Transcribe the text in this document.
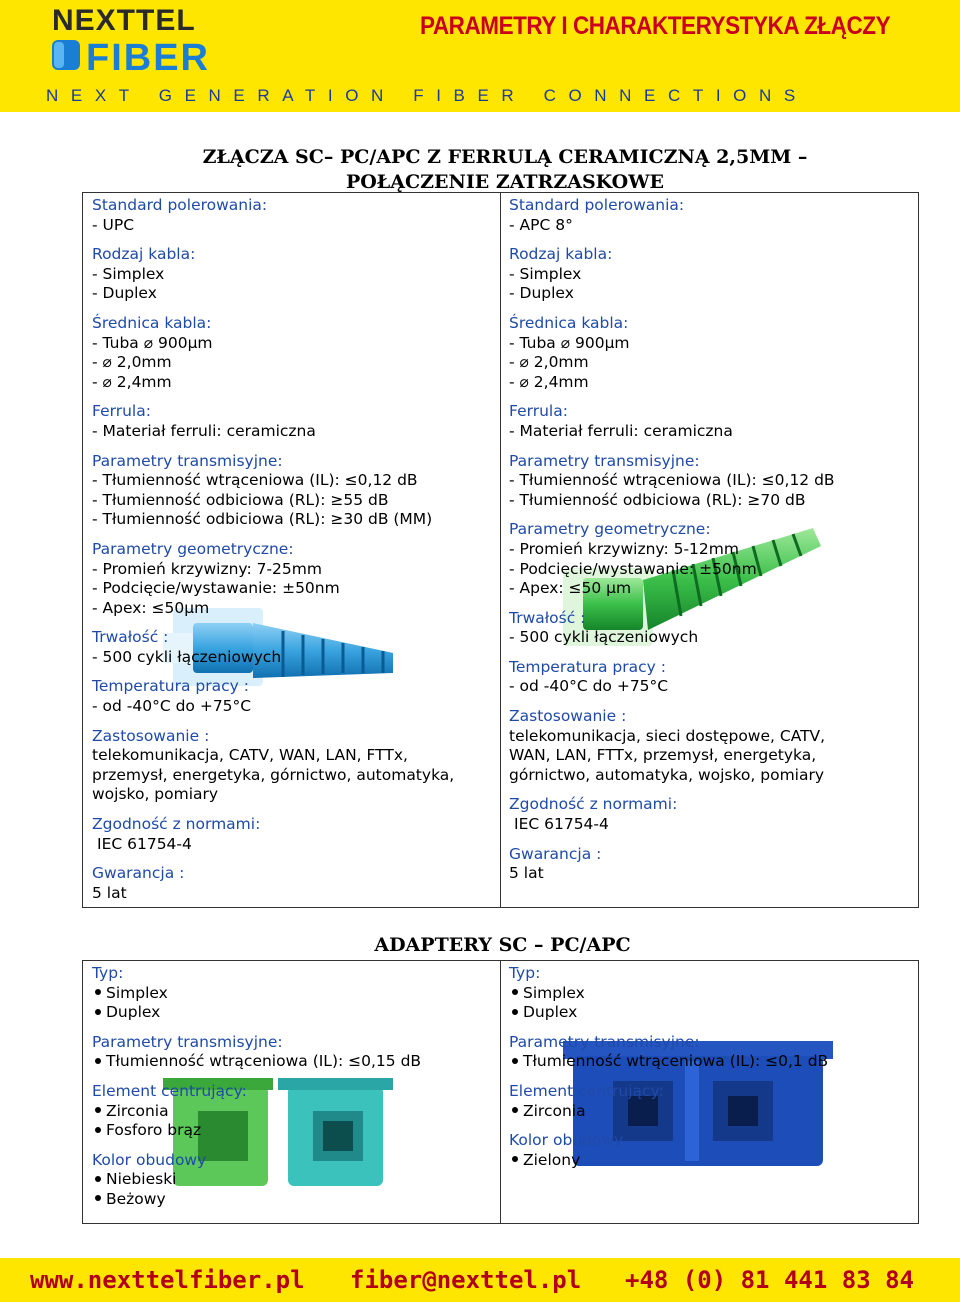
NEXTTEL
FIBER
PARAMETRY I CHARAKTERYSTYKA ZŁĄCZY
NEXT GENERATION FIBER CONNECTIONS
ZŁĄCZA SC– PC/APC Z FERRULĄ CERAMICZNĄ 2,5MM –
POŁĄCZENIE ZATRZASKOWE
Standard polerowania:
- UPC
Rodzaj kabla:
- Simplex
- Duplex
Średnica kabla:
- Tuba ⌀ 900µm
- ⌀ 2,0mm
- ⌀ 2,4mm
Ferrula:
- Materiał ferruli: ceramiczna
Parametry transmisyjne:
- Tłumienność wtrąceniowa (IL): ≤0,12 dB
- Tłumienność odbiciowa (RL): ≥55 dB
- Tłumienność odbiciowa (RL): ≥30 dB (MM)
Parametry geometryczne:
- Promień krzywizny: 7-25mm
- Podcięcie/wystawanie: ±50nm
- Apex: ≤50µm
Trwałość :
- 500 cykli łączeniowych
Temperatura pracy :
- od -40°C do +75°C
Zastosowanie :
telekomunikacja, CATV, WAN, LAN, FTTx,
przemysł, energetyka, górnictwo, automatyka,
wojsko, pomiary
Zgodność z normami:
IEC 61754-4
Gwarancja :
5 lat
Standard polerowania:
- APC 8°
Rodzaj kabla:
- Simplex
- Duplex
Średnica kabla:
- Tuba ⌀ 900µm
- ⌀ 2,0mm
- ⌀ 2,4mm
Ferrula:
- Materiał ferruli: ceramiczna
Parametry transmisyjne:
- Tłumienność wtrąceniowa (IL): ≤0,12 dB
- Tłumienność odbiciowa (RL): ≥70 dB
Parametry geometryczne:
- Promień krzywizny: 5-12mm
- Podcięcie/wystawanie: ±50nm
- Apex: ≤50 µm
Trwałość :
- 500 cykli łączeniowych
Temperatura pracy :
- od -40°C do +75°C
Zastosowanie :
telekomunikacja, sieci dostępowe, CATV,
WAN, LAN, FTTx, przemysł, energetyka,
górnictwo, automatyka, wojsko, pomiary
Zgodność z normami:
IEC 61754-4
Gwarancja :
5 lat
ADAPTERY SC – PC/APC
Typ:
Simplex
Duplex
Parametry transmisyjne:
Tłumienność wtrąceniowa (IL): ≤0,15 dB
Element centrujący:
Zirconia
Fosforo brąz
Kolor obudowy
Niebieski
Beżowy
Typ:
Simplex
Duplex
Parametry transmisyjne:
Tłumienność wtrąceniowa (IL): ≤0,1 dB
Element centrujący:
Zirconia
Kolor obudowy
Zielony
www.nexttelfiber.pl fiber@nexttel.pl +48 (0) 81 441 83 84
